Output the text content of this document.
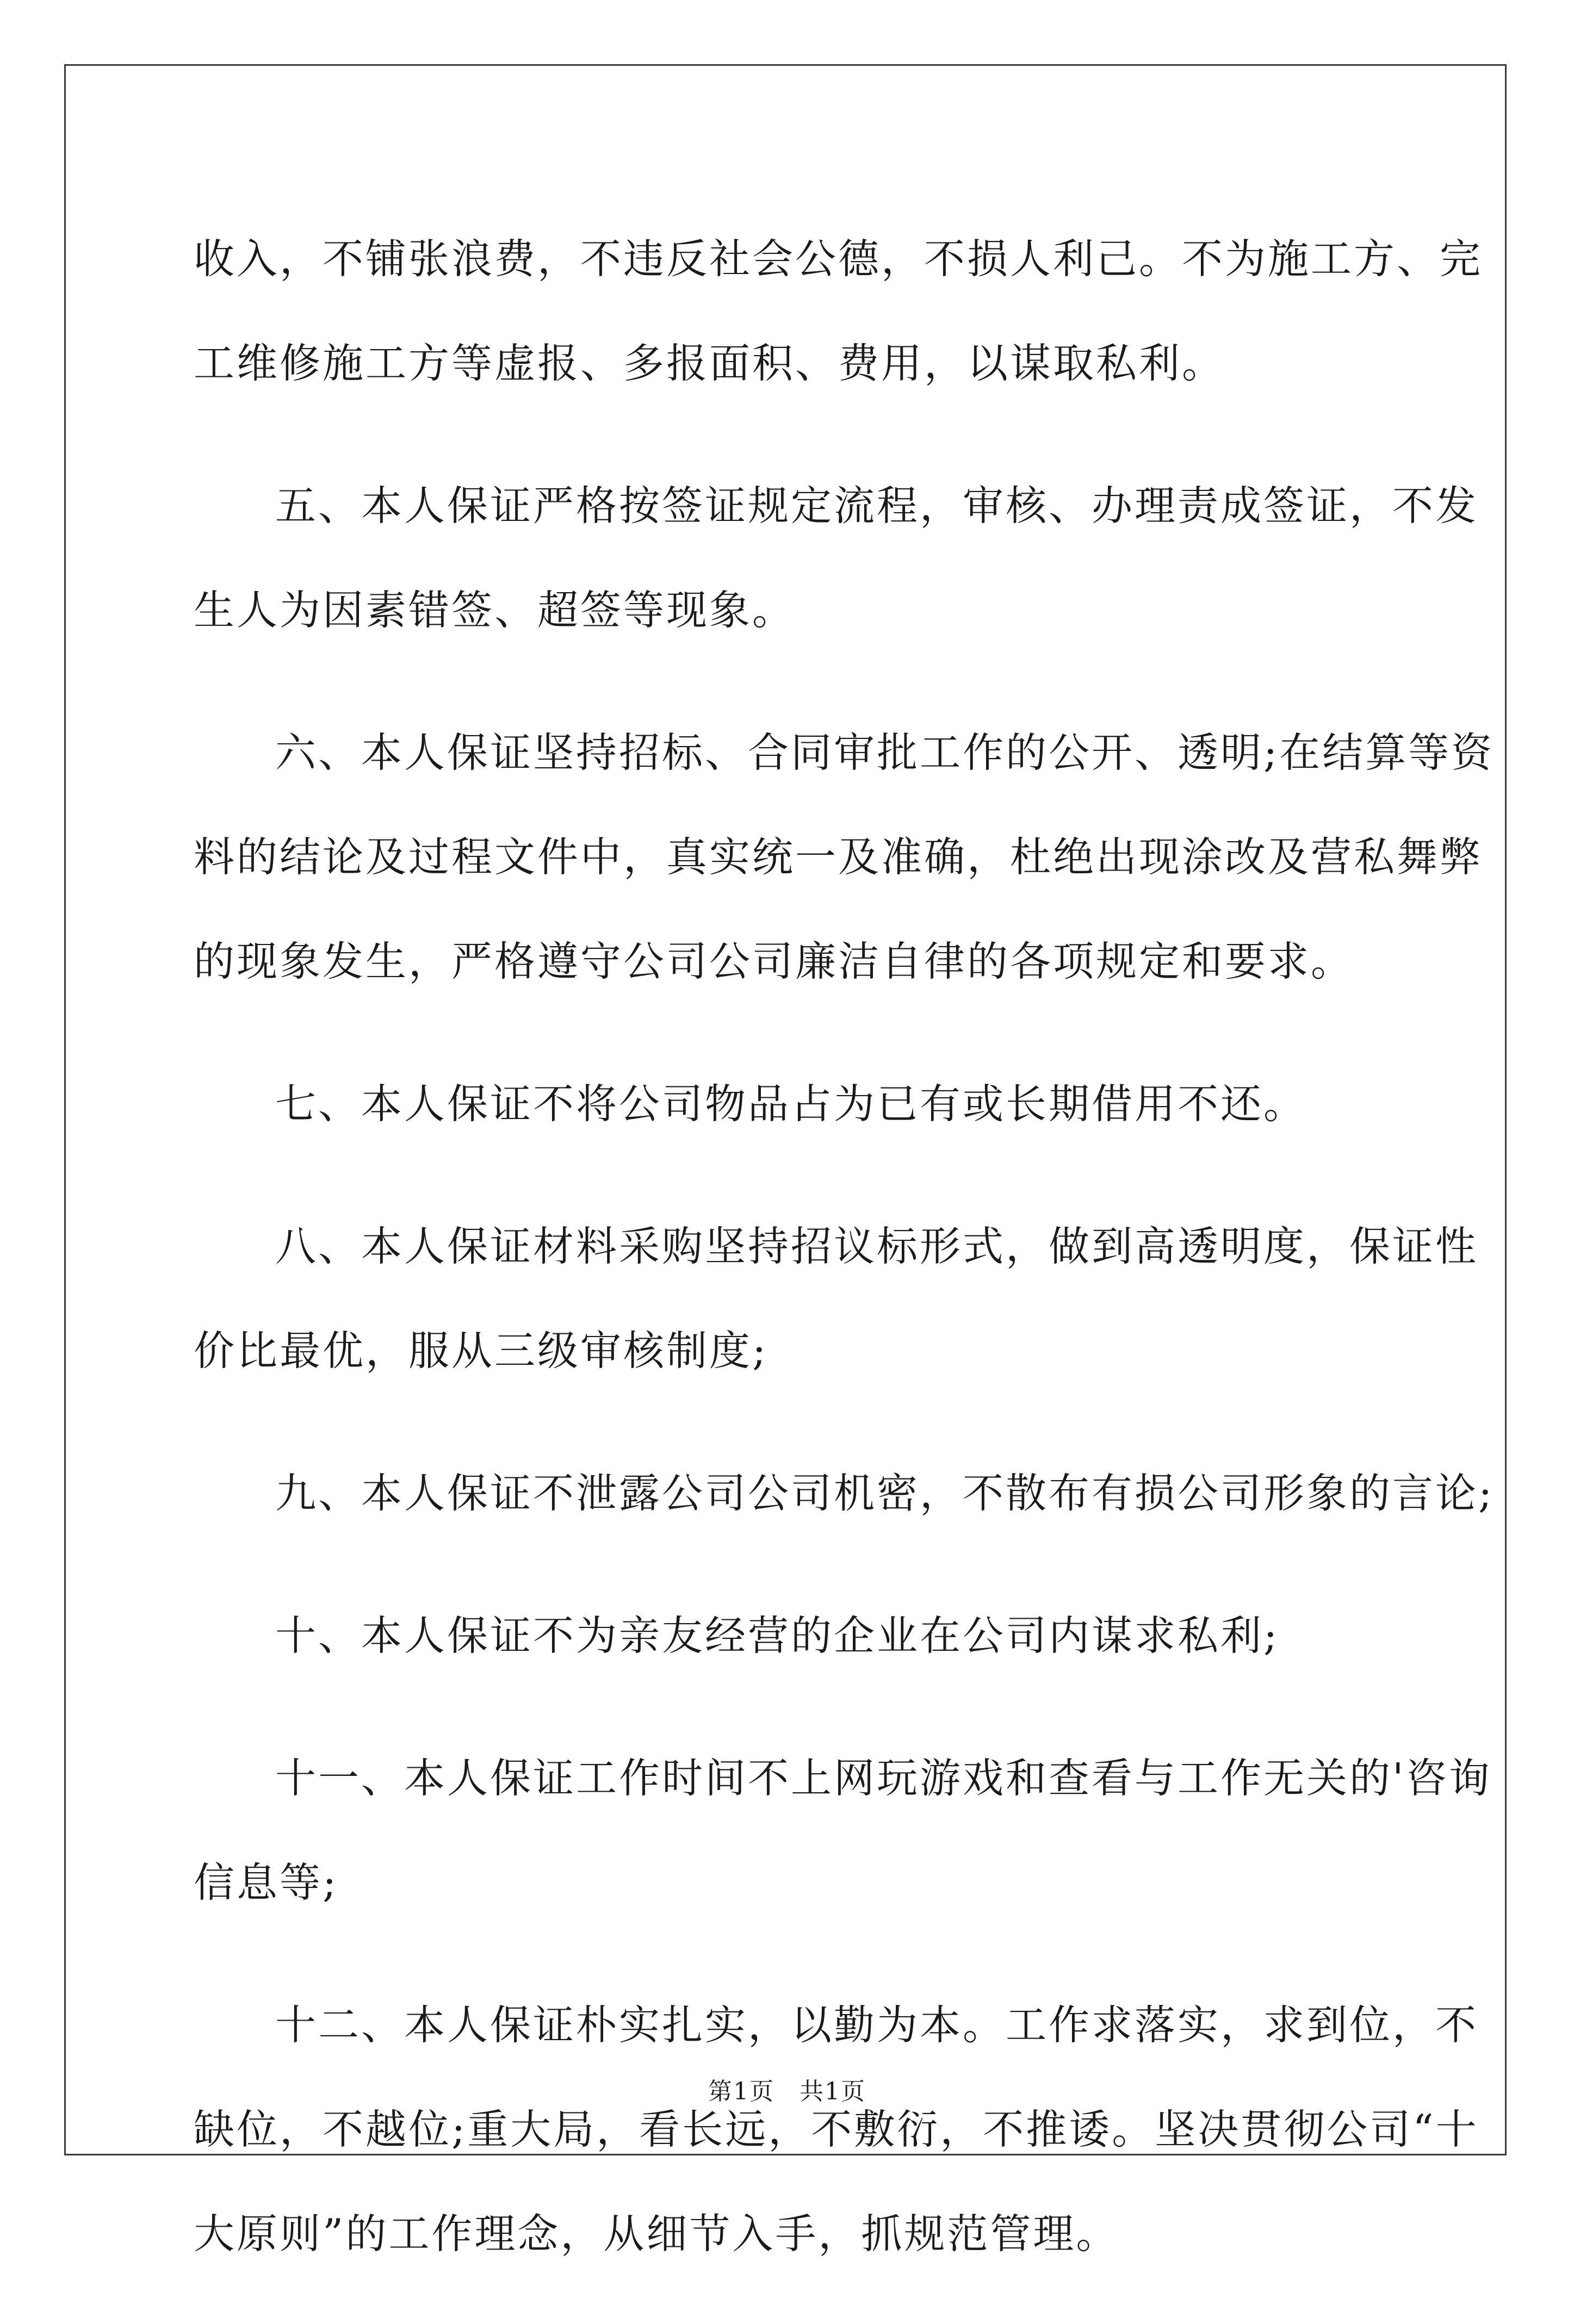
收入，不铺张浪费，不违反社会公德，不损人利己。不为施工方、完
工维修施工方等虚报、多报面积、费用，以谋取私利。
五、本人保证严格按签证规定流程，审核、办理责成签证，不发
生人为因素错签、超签等现象。
六、本人保证坚持招标、合同审批工作的公开、透明;在结算等资
料的结论及过程文件中，真实统一及准确，杜绝出现涂改及营私舞弊
的现象发生，严格遵守公司公司廉洁自律的各项规定和要求。
七、本人保证不将公司物品占为已有或长期借用不还。
八、本人保证材料采购坚持招议标形式，做到高透明度，保证性
价比最优，服从三级审核制度;
九、本人保证不泄露公司公司机密，不散布有损公司形象的言论;
十、本人保证不为亲友经营的企业在公司内谋求私利;
十一、本人保证工作时间不上网玩游戏和查看与工作无关的'咨询
信息等;
十二、本人保证朴实扎实，以勤为本。工作求落实，求到位，不
缺位，不越位;重大局，看长远，不敷衍，不推诿。坚决贯彻公司“十
大原则”的工作理念，从细节入手，抓规范管理。
第1页　共1页
